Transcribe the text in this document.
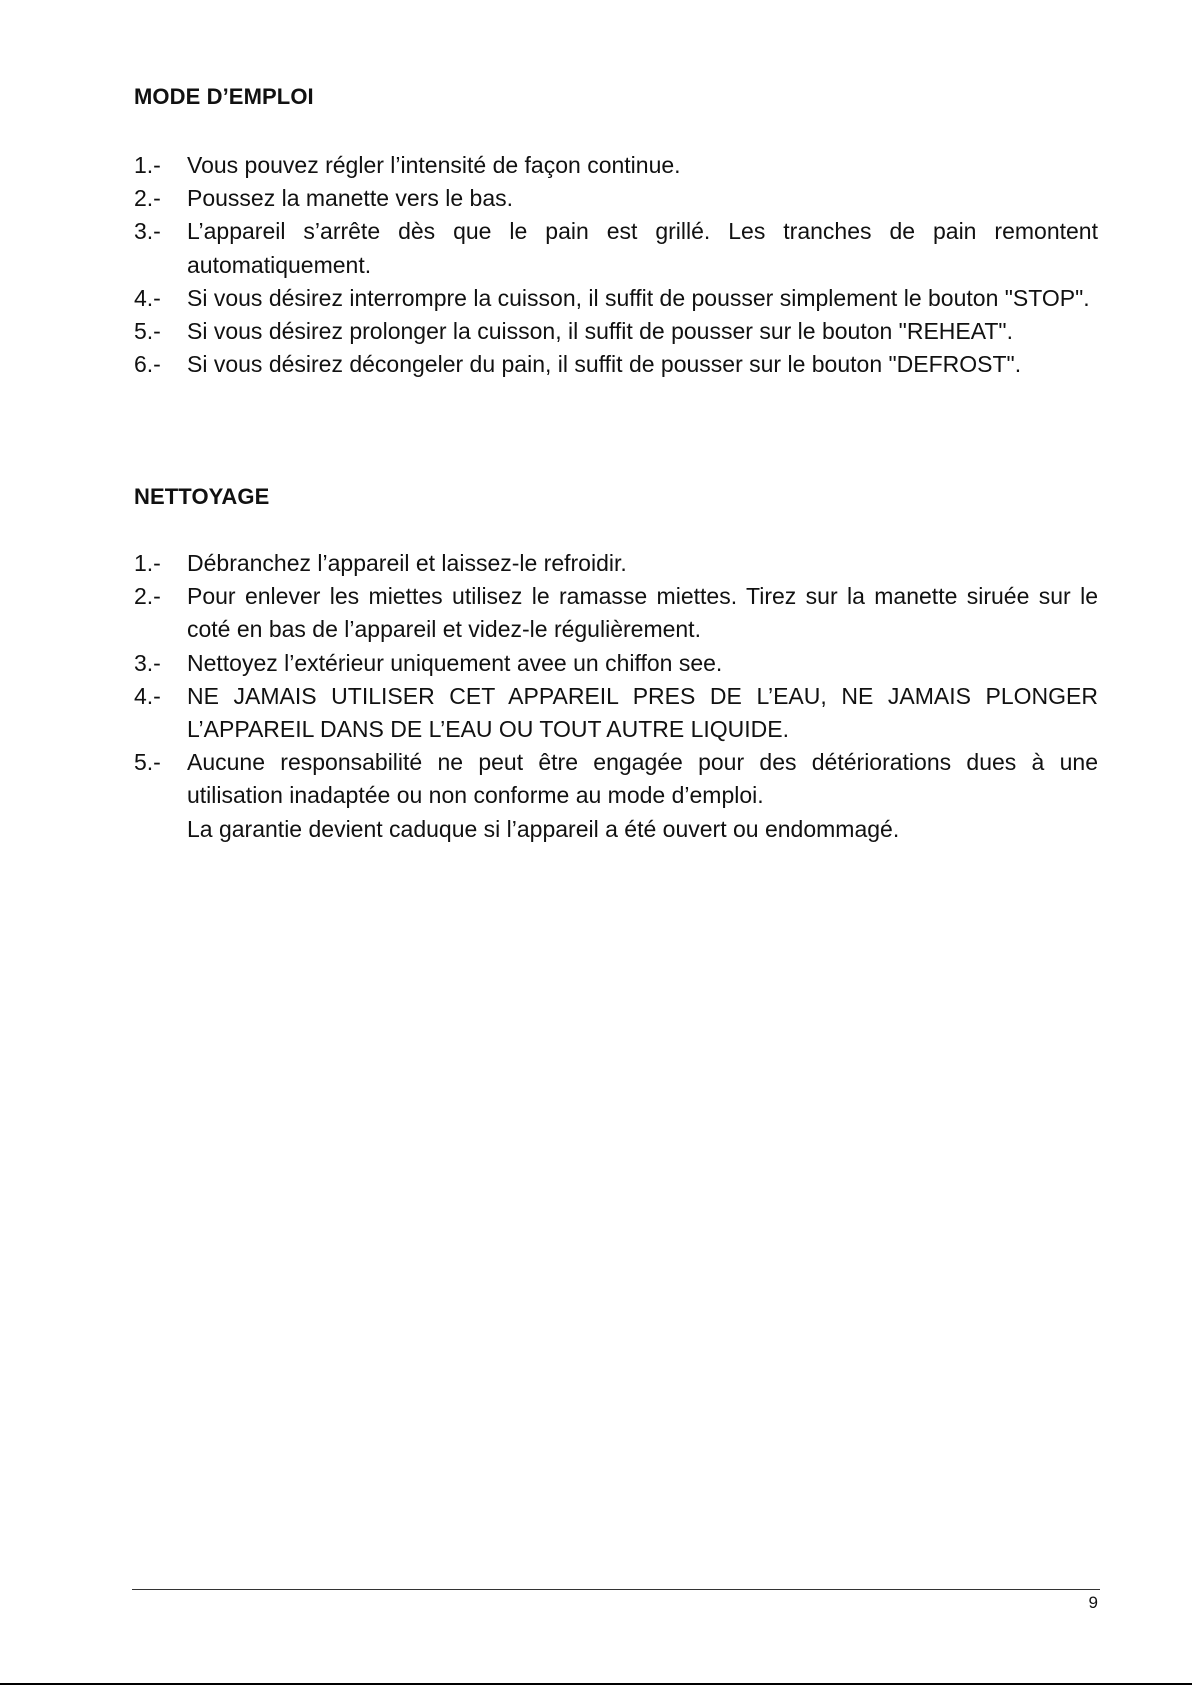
MODE D’EMPLOI
1.-	Vous pouvez régler l’intensité de façon continue.
2.-	Poussez la manette vers le bas.
3.-	L’appareil s’arrête dès que le pain est grillé. Les tranches de pain remontent automatiquement.
4.-	Si vous désirez interrompre la cuisson, il suffit de pousser simplement le bouton "STOP".
5.-	Si vous désirez prolonger la cuisson, il suffit de pousser sur le bouton "REHEAT".
6.-	Si vous désirez décongeler du pain, il suffit de pousser sur le bouton "DEFROST".
NETTOYAGE
1.-	Débranchez l’appareil et laissez-le refroidir.
2.-	Pour enlever les miettes utilisez le ramasse miettes. Tirez sur la manette siruée sur le coté en bas de l’appareil et videz-le régulièrement.
3.-	Nettoyez l’extérieur uniquement avee un chiffon see.
4.-	NE JAMAIS UTILISER CET APPAREIL PRES DE L’EAU, NE JAMAIS PLONGER L’APPAREIL DANS DE L’EAU OU TOUT AUTRE LIQUIDE.
5.-	Aucune responsabilité ne peut être engagée pour des détériorations dues à une utilisation inadaptée ou non conforme au mode d’emploi.
La garantie devient caduque si l’appareil a été ouvert ou endommagé.
9
